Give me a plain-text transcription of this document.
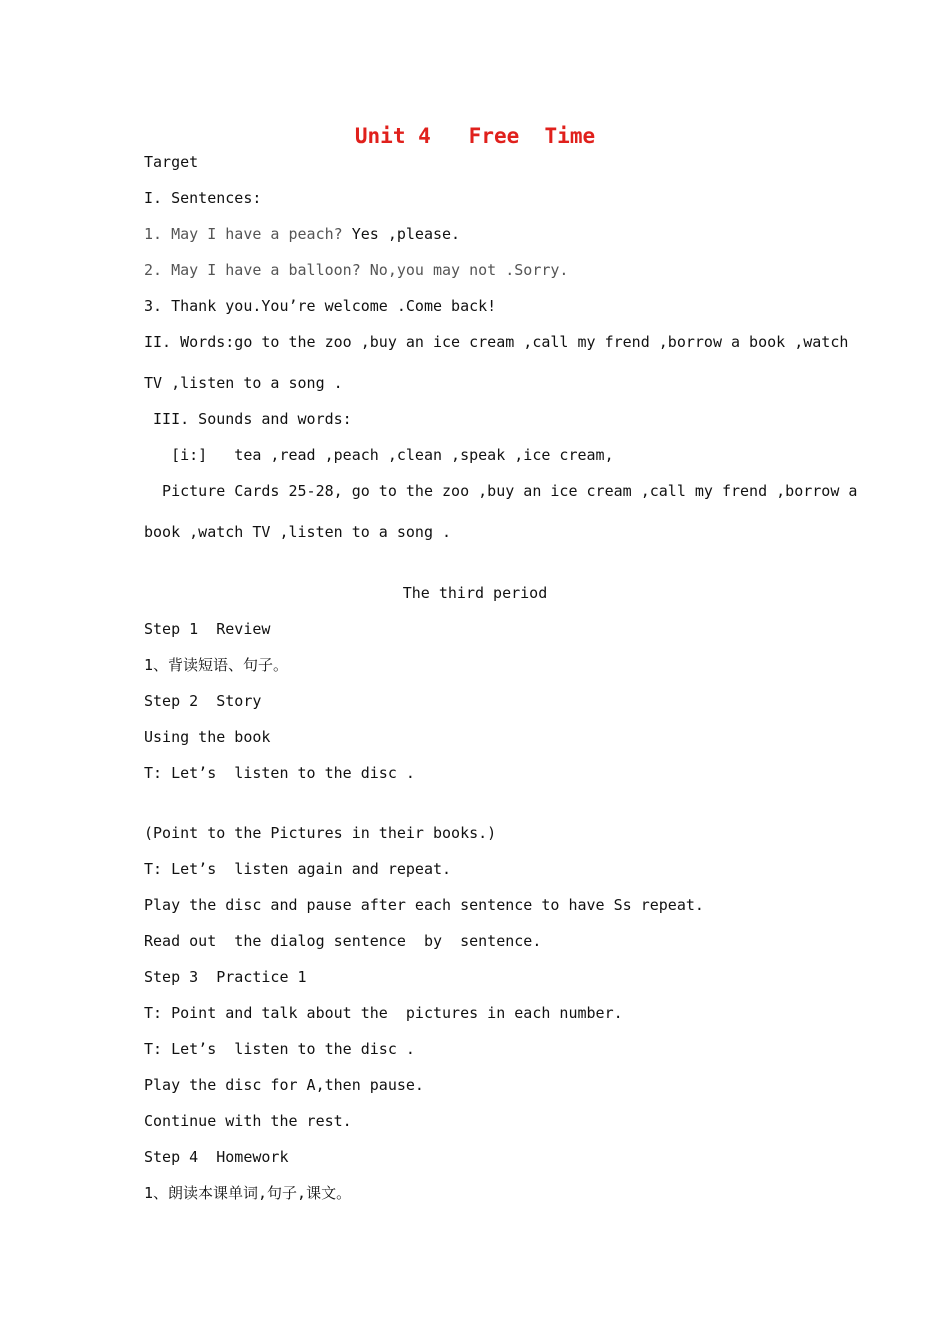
Unit 4   Free  Time
Target
I. Sentences:
1. May I have a peach? Yes ,please.
2. May I have a balloon? No,you may not .Sorry.
3. Thank you.You’re welcome .Come back!
II. Words:go to the zoo ,buy an ice cream ,call my frend ,borrow a book ,watch
TV ,listen to a song .
III. Sounds and words:
[i:]   tea ,read ,peach ,clean ,speak ,ice cream,
Picture Cards 25-28, go to the zoo ,buy an ice cream ,call my frend ,borrow a
book ,watch TV ,listen to a song .
The third period
Step 1  Review
1、背读短语、句子。
Step 2  Story
Using the book
T: Let’s  listen to the disc .
(Point to the Pictures in their books.)
T: Let’s  listen again and repeat.
Play the disc and pause after each sentence to have Ss repeat.
Read out  the dialog sentence  by  sentence.
Step 3  Practice 1
T: Point and talk about the  pictures in each number.
T: Let’s  listen to the disc .
Play the disc for A,then pause.
Continue with the rest.
Step 4  Homework
1、朗读本课单词,句子,课文。
